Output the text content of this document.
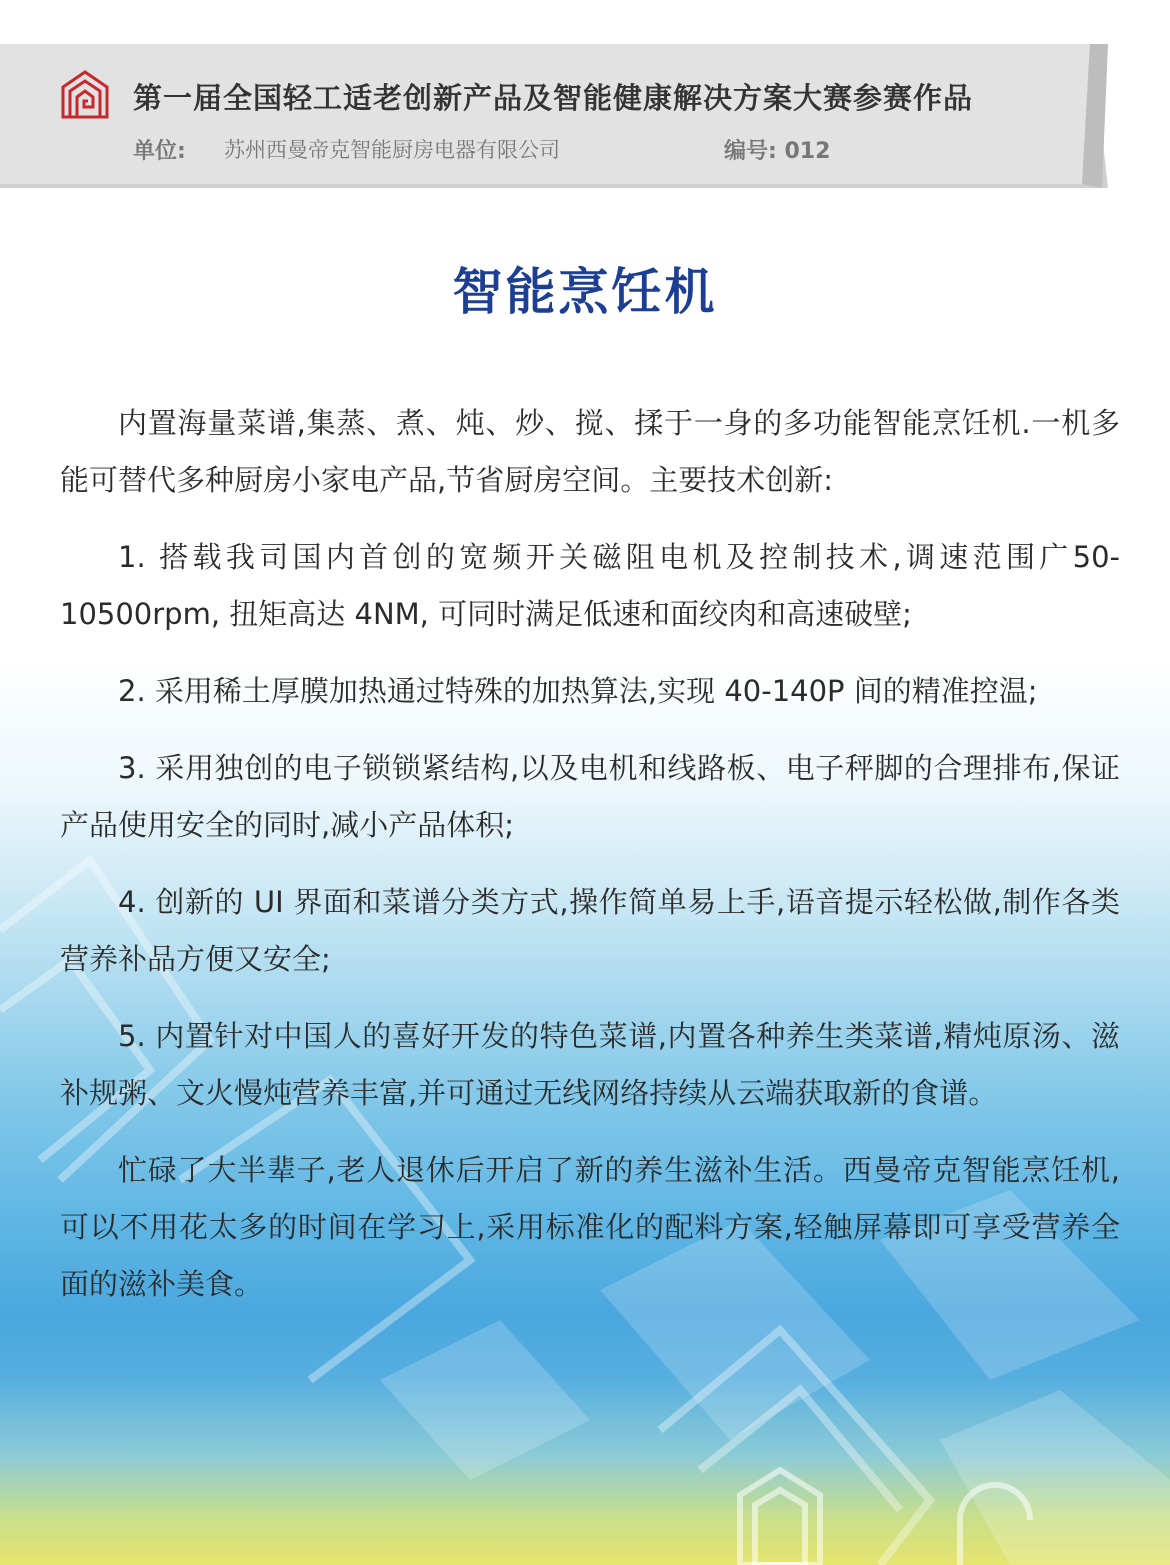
第一届全国轻工适老创新产品及智能健康解决方案大赛参赛作品
单位: 苏州西曼帝克智能厨房电器有限公司	编号: 012
智能烹饪机

内置海量菜谱,集蒸、煮、炖、炒、搅、揉于一身的多功能智能烹饪机.一机多能可替代多种厨房小家电产品,节省厨房空间。主要技术创新:

1. 搭载我司国内首创的宽频开关磁阻电机及控制技术,调速范围广50-10500rpm, 扭矩高达 4NM, 可同时满足低速和面绞肉和高速破壁;

2. 采用稀土厚膜加热通过特殊的加热算法,实现 40-140P 间的精准控温;

3. 采用独创的电子锁锁紧结构,以及电机和线路板、电子秤脚的合理排布,保证产品使用安全的同时,减小产品体积;

4. 创新的 UI 界面和菜谱分类方式,操作简单易上手,语音提示轻松做,制作各类营养补品方便又安全;

5. 内置针对中国人的喜好开发的特色菜谱,内置各种养生类菜谱,精炖原汤、滋补规粥、文火慢炖营养丰富,并可通过无线网络持续从云端获取新的食谱。

忙碌了大半辈子,老人退休后开启了新的养生滋补生活。西曼帝克智能烹饪机,可以不用花太多的时间在学习上,采用标准化的配料方案,轻触屏幕即可享受营养全面的滋补美食。
